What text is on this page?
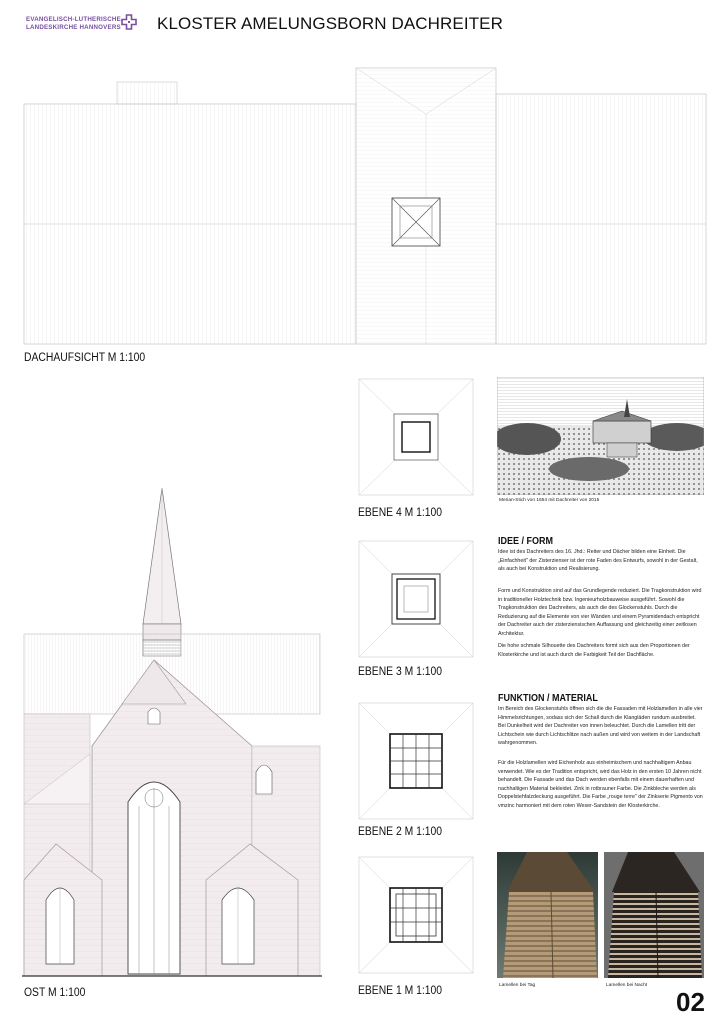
EVANGELISCH-LUTHERISCHE
LANDESKIRCHE HANNOVERS KLOSTER AMELUNGSBORN DACHREITER
DACHAUFSICHT M 1:100
OST M 1:100
EBENE 4 M 1:100
EBENE 3 M 1:100
EBENE 2 M 1:100
EBENE 1 M 1:100
Merian-Stich von 1654 mit Dachreiter von 2015
IDEE / FORM
Idee ist des Dachreiters des 16. Jhd.: Reiter und Dächer bilden eine Einheit. Die „Einfachheit" der Zisterzienser ist der rote Faden des Entwurfs, sowohl in der Gestalt, als auch bei Konstruktion und Realisierung.
Form und Konstruktion sind auf das Grundlegende reduziert. Die Tragkonstruktion wird in traditioneller Holztechnik bzw. Ingenieurholzbauweise ausgeführt. Sowohl die Tragkonstruktion des Dachreiters, als auch die des Glockenstuhls. Durch die Reduzierung auf die Elemente von vier Wänden und einem Pyramidendach entspricht der Dachreiter auch der zisterziensischen Auffassung und gleichzeitig einer zeitlosen Architektur.
Die hohe schmale Silhouette des Dachreiters formt sich aus den Proportionen der Klosterkirche und ist auch durch die Farbigkeit Teil der Dachfläche.
FUNKTION / MATERIAL
Im Bereich des Glockenstuhls öffnen sich die die Fassaden mit Holzlamellen in alle vier Himmelsrichtungen, sodass sich der Schall durch die Klangläden rundum ausbreitet. Bei Dunkelheit wird der Dachreiter von innen beleuchtet. Durch die Lamellen tritt der Lichtschein wie durch Lichtschlitze nach außen und wird von weitem in der Landschaft wahrgenommen.
Für die Holzlamellen wird Eichenholz aus einheimischem und nachhaltigem Anbau verwendet. Wie es der Tradition entspricht, wird das Holz in den ersten 10 Jahren nicht behandelt. Die Fassade und das Dach werden ebenfalls mit einem dauerhaften und nachhaltigen Material bekleidet. Zink in rotbrauner Farbe. Die Zinkbleche werden als Doppelstehfalzdeckung ausgeführt. Die Farbe „rouge terre" der Zinkserie Pigmento von vmzinc harmoniert mit dem roten Weser-Sandstein der Klosterkirche.
Lamellen bei Tag	Lamellen bei Nacht
02
